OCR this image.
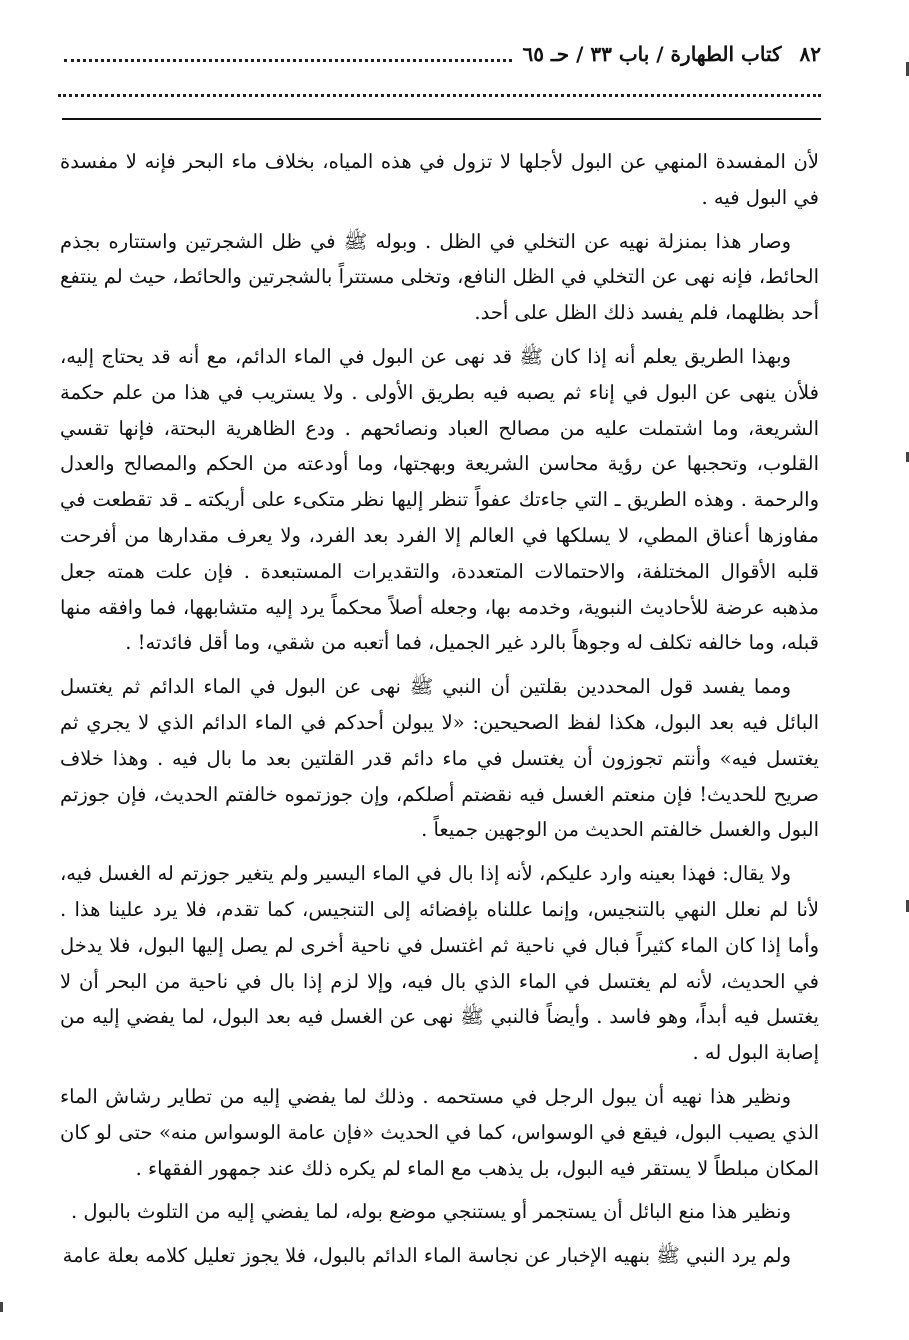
٨٢
كتاب الطهارة / باب ٣٣ / حـ ٦٥

لأن المفسدة المنهي عن البول لأجلها لا تزول في هذه المياه، بخلاف ماء البحر فإنه لا مفسدة في البول فيه .

وصار هذا بمنزلة نهيه عن التخلي في الظل . وبوله ﷺ في ظل الشجرتين واستتاره بجذم الحائط، فإنه نهى عن التخلي في الظل النافع، وتخلى مستتراً بالشجرتين والحائط، حيث لم ينتفع أحد بظلهما، فلم يفسد ذلك الظل على أحد.

وبهذا الطريق يعلم أنه إذا كان ﷺ قد نهى عن البول في الماء الدائم، مع أنه قد يحتاج إليه، فلأن ينهى عن البول في إناء ثم يصبه فيه بطريق الأولى . ولا يستريب في هذا من علم حكمة الشريعة، وما اشتملت عليه من مصالح العباد ونصائحهم . ودع الظاهرية البحتة، فإنها تقسي القلوب، وتحجبها عن رؤية محاسن الشريعة وبهجتها، وما أودعته من الحكم والمصالح والعدل والرحمة . وهذه الطريق ـ التي جاءتك عفواً تنظر إليها نظر متكىء على أريكته ـ قد تقطعت في مفاوزها أعناق المطي، لا يسلكها في العالم إلا الفرد بعد الفرد، ولا يعرف مقدارها من أفرحت قلبه الأقوال المختلفة، والاحتمالات المتعددة، والتقديرات المستبعدة . فإن علت همته جعل مذهبه عرضة للأحاديث النبوية، وخدمه بها، وجعله أصلاً محكماً يرد إليه متشابهها، فما وافقه منها قبله، وما خالفه تكلف له وجوهاً بالرد غير الجميل، فما أتعبه من شقي، وما أقل فائدته! .

ومما يفسد قول المحددين بقلتين أن النبي ﷺ نهى عن البول في الماء الدائم ثم يغتسل البائل فيه بعد البول، هكذا لفظ الصحيحين: «لا يبولن أحدكم في الماء الدائم الذي لا يجري ثم يغتسل فيه» وأنتم تجوزون أن يغتسل في ماء دائم قدر القلتين بعد ما بال فيه . وهذا خلاف صريح للحديث! فإن منعتم الغسل فيه نقضتم أصلكم، وإن جوزتموه خالفتم الحديث، فإن جوزتم البول والغسل خالفتم الحديث من الوجهين جميعاً .

ولا يقال: فهذا بعينه وارد عليكم، لأنه إذا بال في الماء اليسير ولم يتغير جوزتم له الغسل فيه، لأنا لم نعلل النهي بالتنجيس، وإنما عللناه بإفضائه إلى التنجيس، كما تقدم، فلا يرد علينا هذا . وأما إذا كان الماء كثيراً فبال في ناحية ثم اغتسل في ناحية أخرى لم يصل إليها البول، فلا يدخل في الحديث، لأنه لم يغتسل في الماء الذي بال فيه، وإلا لزم إذا بال في ناحية من البحر أن لا يغتسل فيه أبداً، وهو فاسد . وأيضاً فالنبي ﷺ نهى عن الغسل فيه بعد البول، لما يفضي إليه من إصابة البول له .

ونظير هذا نهيه أن يبول الرجل في مستحمه . وذلك لما يفضي إليه من تطاير رشاش الماء الذي يصيب البول، فيقع في الوسواس، كما في الحديث «فإن عامة الوسواس منه» حتى لو كان المكان مبلطاً لا يستقر فيه البول، بل يذهب مع الماء لم يكره ذلك عند جمهور الفقهاء .

ونظير هذا منع البائل أن يستجمر أو يستنجي موضع بوله، لما يفضي إليه من التلوث بالبول .

ولم يرد النبي ﷺ بنهيه الإخبار عن نجاسة الماء الدائم بالبول، فلا يجوز تعليل كلامه بعلة عامة
